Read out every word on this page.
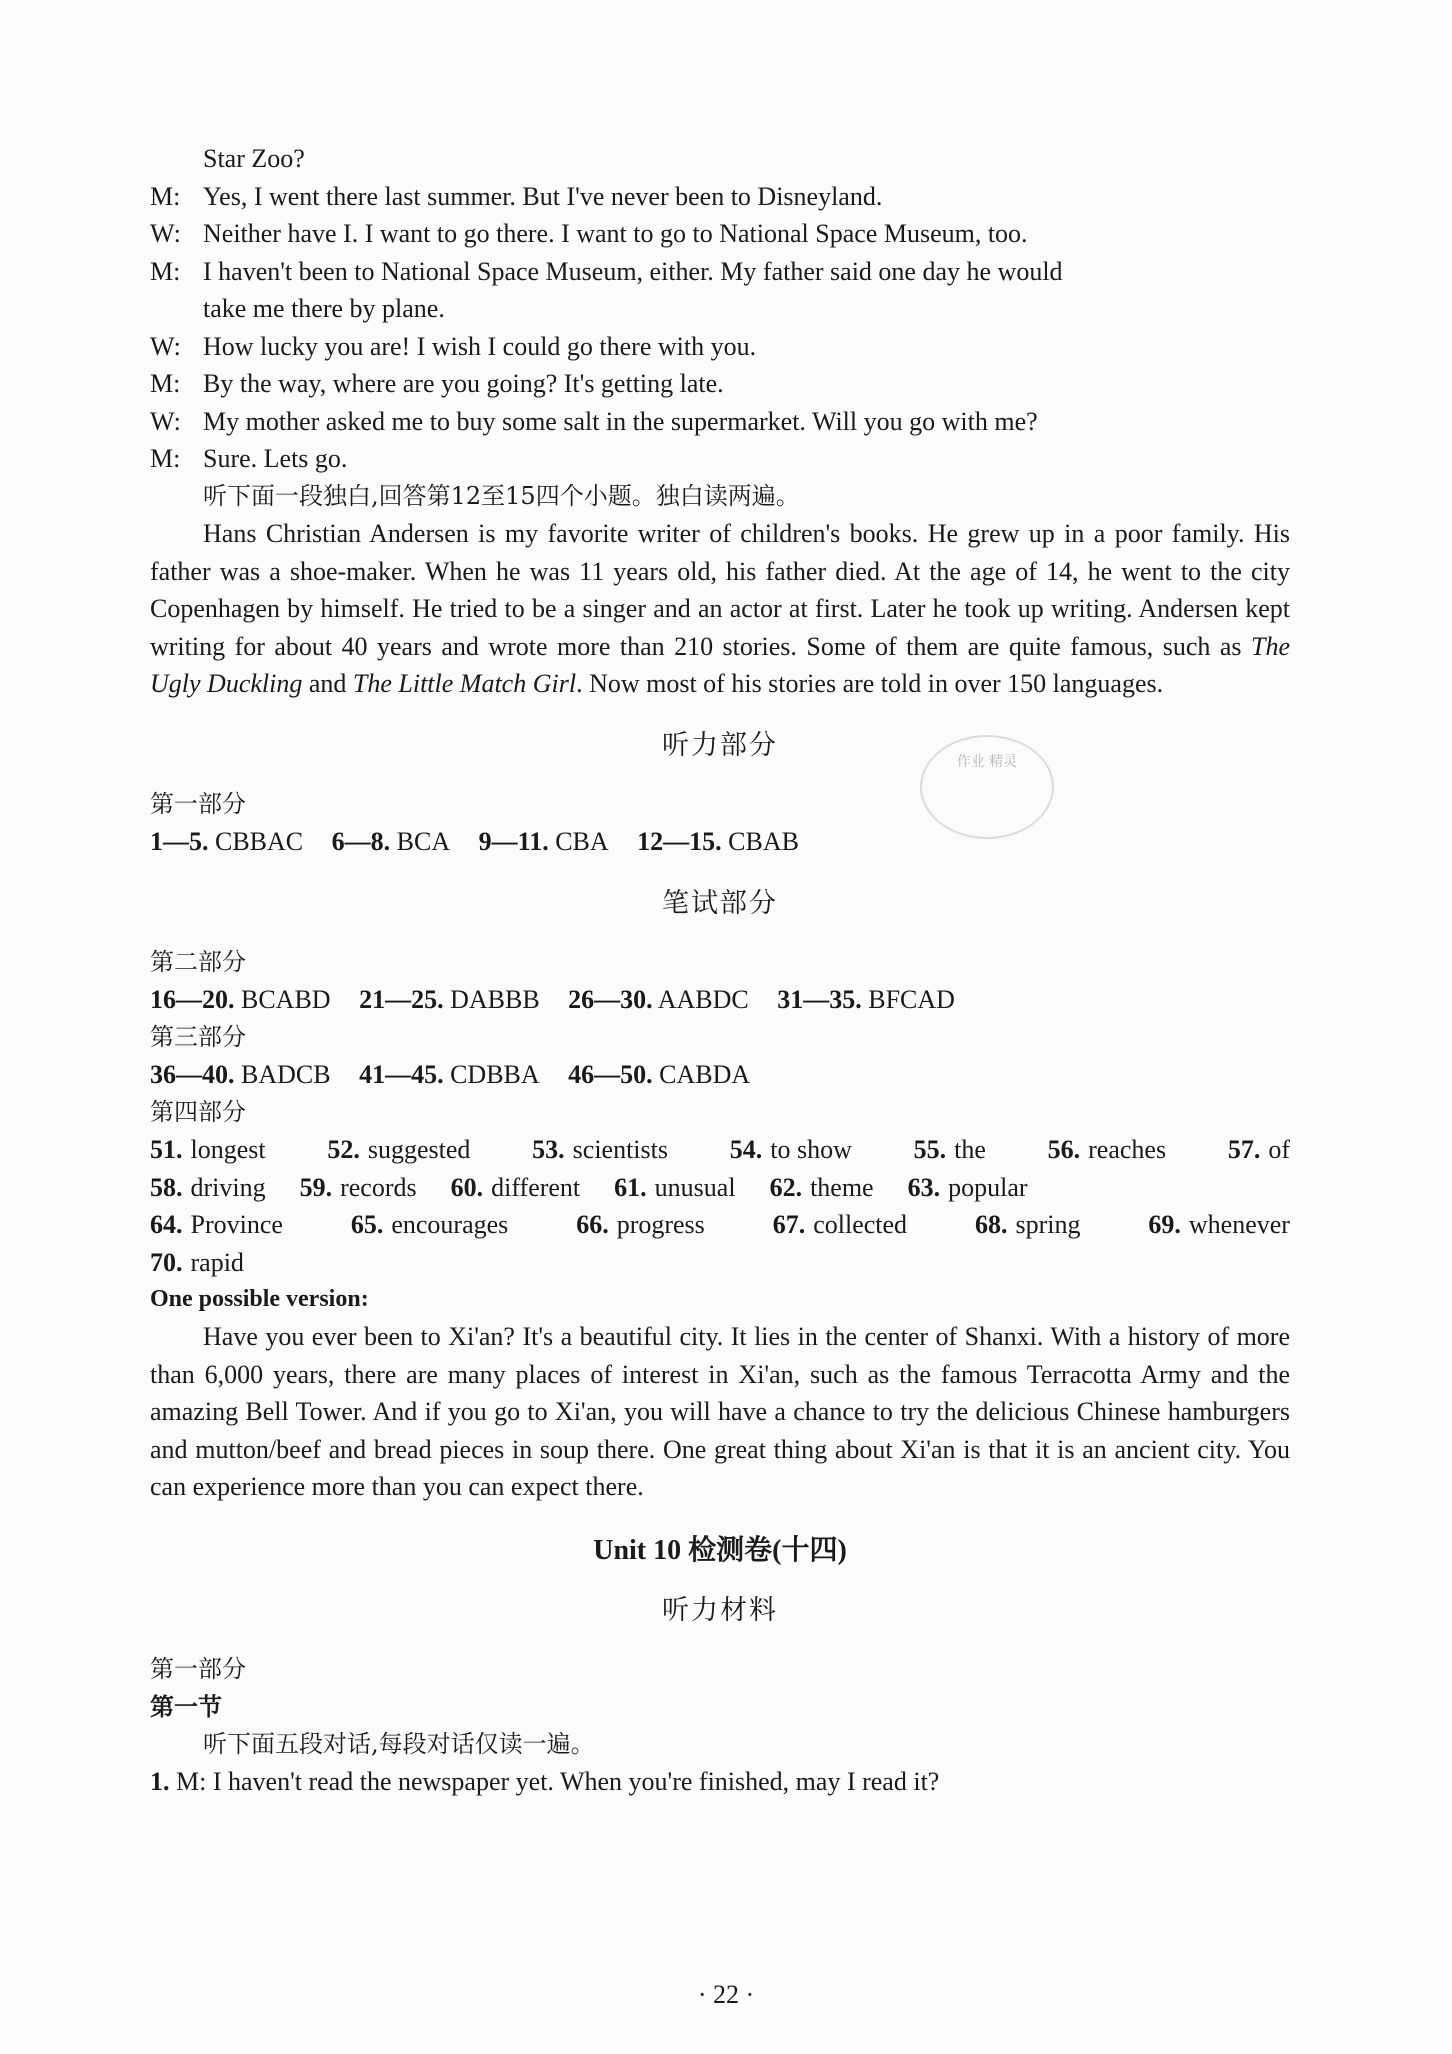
Star Zoo?
M: Yes, I went there last summer. But I've never been to Disneyland.
W: Neither have I. I want to go there. I want to go to National Space Museum, too.
M: I haven't been to National Space Museum, either. My father said one day he would
take me there by plane.
W: How lucky you are! I wish I could go there with you.
M: By the way, where are you going? It's getting late.
W: My mother asked me to buy some salt in the supermarket. Will you go with me?
M: Sure. Lets go.
听下面一段独白,回答第12至15四个小题。独白读两遍。
Hans Christian Andersen is my favorite writer of children's books. He grew up in a poor family. His father was a shoe-maker. When he was 11 years old, his father died. At the age of 14, he went to the city Copenhagen by himself. He tried to be a singer and an actor at first. Later he took up writing. Andersen kept writing for about 40 years and wrote more than 210 stories. Some of them are quite famous, such as The Ugly Duckling and The Little Match Girl. Now most of his stories are told in over 150 languages.
听力部分
第一部分
1—5. CBBAC 6—8. BCA 9—11. CBA 12—15. CBAB
笔试部分
第二部分
16—20. BCABD 21—25. DABBB 26—30. AABDC 31—35. BFCAD
第三部分
36—40. BADCB 41—45. CDBBA 46—50. CABDA
第四部分
51. longest 52. suggested 53. scientists 54. to show 55. the 56. reaches 57. of
58. driving 59. records 60. different 61. unusual 62. theme 63. popular
64. Province	65. encourages	66. progress	67. collected	68. spring	69. whenever
70. rapid
One possible version:
Have you ever been to Xi'an? It's a beautiful city. It lies in the center of Shanxi. With a history of more than 6,000 years, there are many places of interest in Xi'an, such as the famous Terracotta Army and the amazing Bell Tower. And if you go to Xi'an, you will have a chance to try the delicious Chinese hamburgers and mutton/beef and bread pieces in soup there. One great thing about Xi'an is that it is an ancient city. You can experience more than you can expect there.
Unit 10 检测卷(十四)
听力材料
第一部分
第一节
听下面五段对话,每段对话仅读一遍。
1. M: I haven't read the newspaper yet. When you're finished, may I read it?
作业 精灵
· 22 ·
